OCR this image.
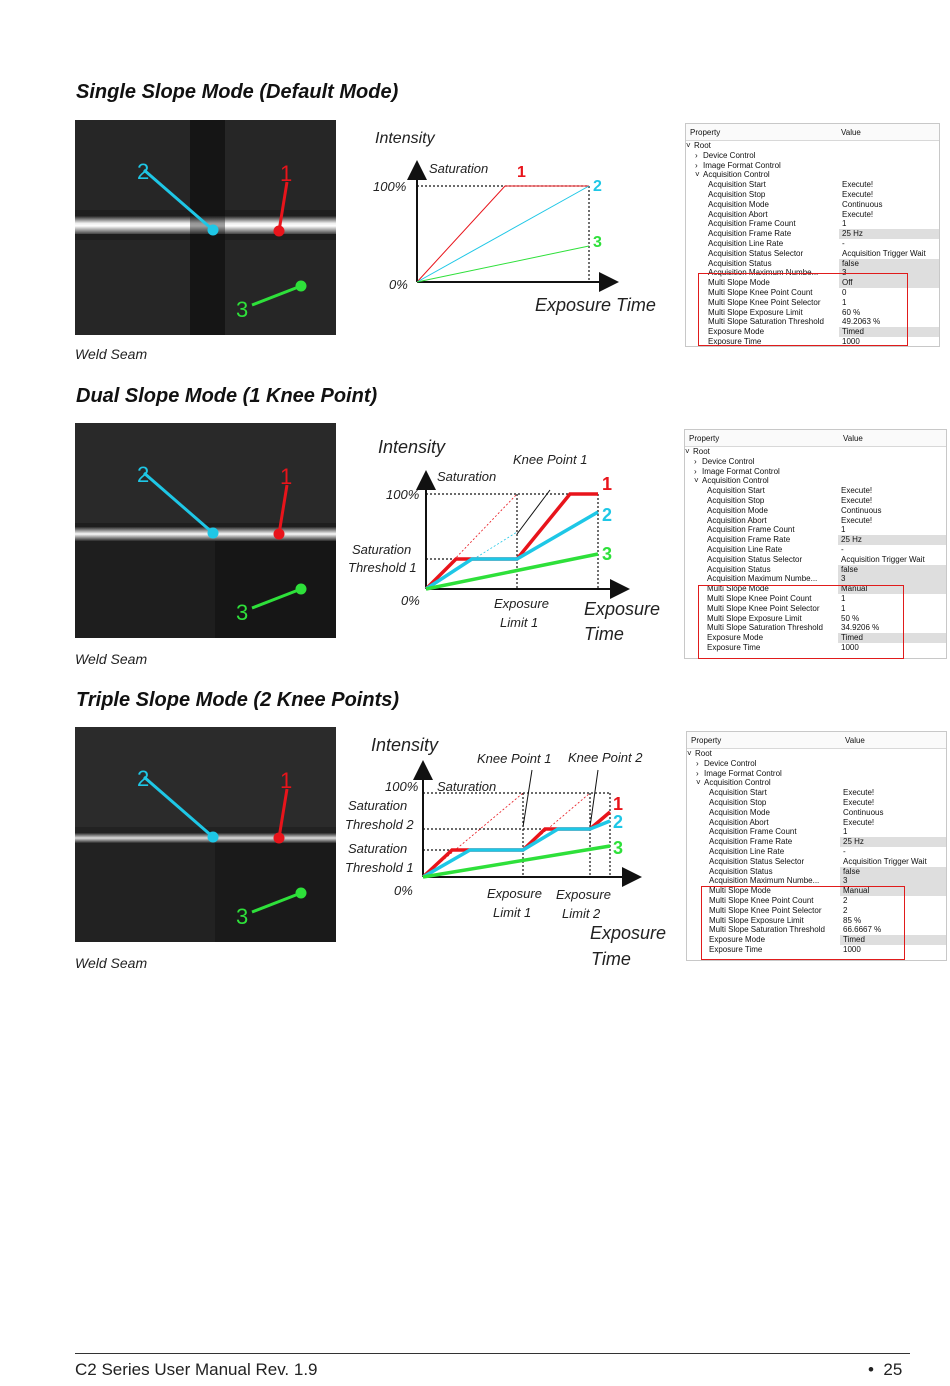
Single Slope Mode (Default Mode)
2	1
3
Weld Seam
Intensity
Saturation
100%
0%
Exposure Time
1
2
3
Property	Value
˅ Root
› Device Control
› Image Format Control
˅ Acquisition Control
Acquisition Start	Execute!
Acquisition Stop	Execute!
Acquisition Mode	Continuous
Acquisition Abort	Execute!
Acquisition Frame Count	1
Acquisition Frame Rate	25 Hz
Acquisition Line Rate	-
Acquisition Status Selector	Acquisition Trigger Wait
Acquisition Status	false
Acquisition Maximum Numbe...	3
Multi Slope Mode	Off
Multi Slope Knee Point Count	0
Multi Slope Knee Point Selector	1
Multi Slope Exposure Limit	60 %
Multi Slope Saturation Threshold	49.2063 %
Exposure Mode	Timed
Exposure Time	1000
Dual Slope Mode (1 Knee Point)
2	1
3
Weld Seam
Intensity
Knee Point 1
Saturation
100%
Saturation
Threshold 1
0%	Exposure
Limit 1
Exposure
Time
1
2
3
Property	Value
˅ Root
› Device Control
› Image Format Control
˅ Acquisition Control
Acquisition Start	Execute!
Acquisition Stop	Execute!
Acquisition Mode	Continuous
Acquisition Abort	Execute!
Acquisition Frame Count	1
Acquisition Frame Rate	25 Hz
Acquisition Line Rate	-
Acquisition Status Selector	Acquisition Trigger Wait
Acquisition Status	false
Acquisition Maximum Numbe...	3
Multi Slope Mode	Manual
Multi Slope Knee Point Count	1
Multi Slope Knee Point Selector	1
Multi Slope Exposure Limit	50 %
Multi Slope Saturation Threshold	34.9206 %
Exposure Mode	Timed
Exposure Time	1000
Triple Slope Mode (2 Knee Points)
2	1
3
Weld Seam
Intensity
Knee Point 1 Knee Point 2
100% Saturation
Saturation
Threshold 2
Saturation
Threshold 1
0%	Exposure
Limit 1
Exposure
Limit 2
Exposure
Time
1
2
3
Property	Value
˅ Root
› Device Control
› Image Format Control
˅ Acquisition Control
Acquisition Start	Execute!
Acquisition Stop	Execute!
Acquisition Mode	Continuous
Acquisition Abort	Execute!
Acquisition Frame Count	1
Acquisition Frame Rate	25 Hz
Acquisition Line Rate	-
Acquisition Status Selector	Acquisition Trigger Wait
Acquisition Status	false
Acquisition Maximum Numbe...	3
Multi Slope Mode	Manual
Multi Slope Knee Point Count	2
Multi Slope Knee Point Selector	2
Multi Slope Exposure Limit	85 %
Multi Slope Saturation Threshold	66.6667 %
Exposure Mode	Timed
Exposure Time	1000
C2 Series User Manual Rev. 1.9	• 25
